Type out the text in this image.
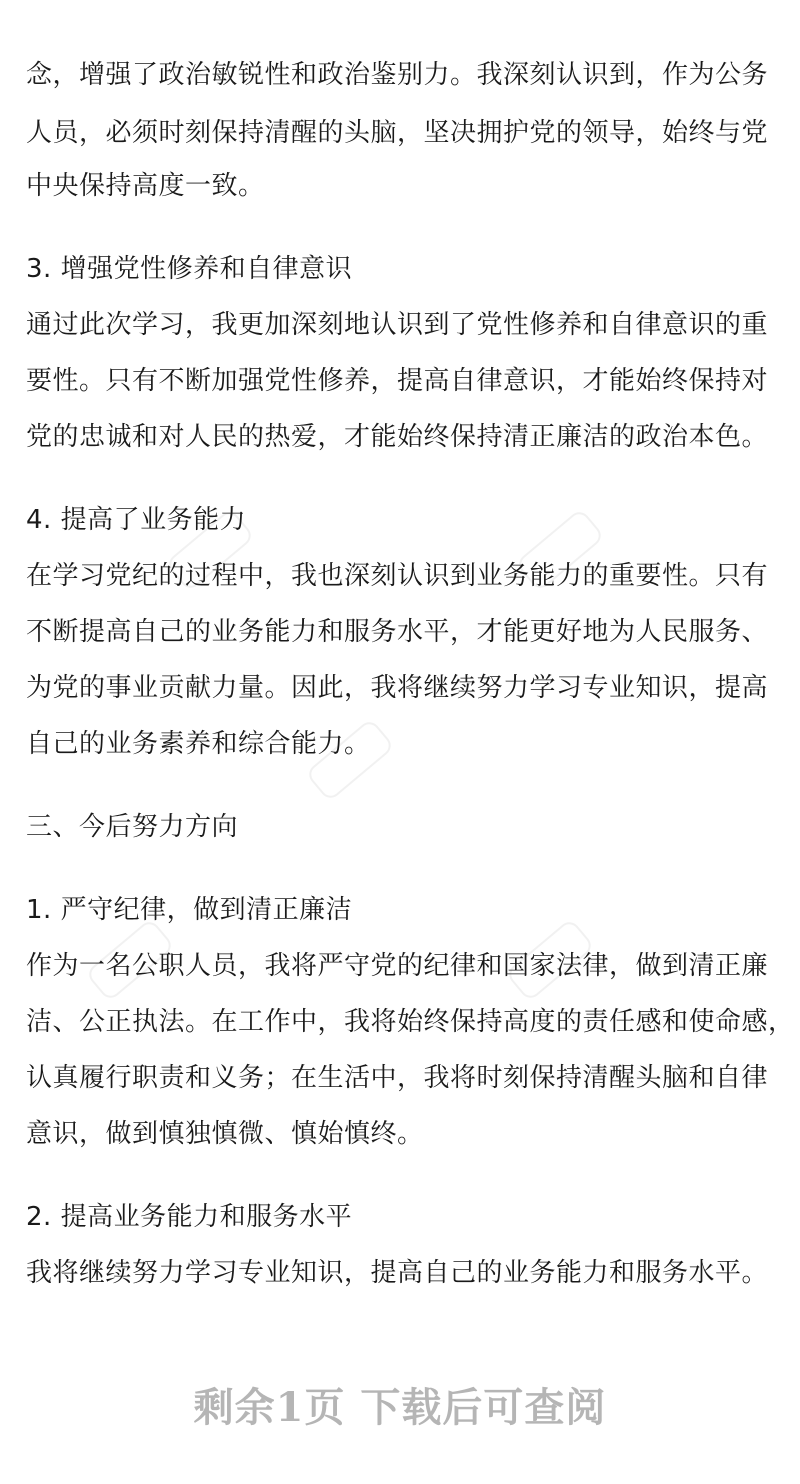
念，增强了政治敏锐性和政治鉴别力。我深刻认识到，作为公务
人员，必须时刻保持清醒的头脑，坚决拥护党的领导，始终与党
中央保持高度一致。
3. 增强党性修养和自律意识
通过此次学习，我更加深刻地认识到了党性修养和自律意识的重
要性。只有不断加强党性修养，提高自律意识，才能始终保持对
党的忠诚和对人民的热爱，才能始终保持清正廉洁的政治本色。
4. 提高了业务能力
在学习党纪的过程中，我也深刻认识到业务能力的重要性。只有
不断提高自己的业务能力和服务水平，才能更好地为人民服务、
为党的事业贡献力量。因此，我将继续努力学习专业知识，提高
自己的业务素养和综合能力。
三、今后努力方向
1. 严守纪律，做到清正廉洁
作为一名公职人员，我将严守党的纪律和国家法律，做到清正廉
洁、公正执法。在工作中，我将始终保持高度的责任感和使命感，
认真履行职责和义务；在生活中，我将时刻保持清醒头脑和自律
意识，做到慎独慎微、慎始慎终。
2. 提高业务能力和服务水平
我将继续努力学习专业知识，提高自己的业务能力和服务水平。
剩余1页 下载后可查阅
